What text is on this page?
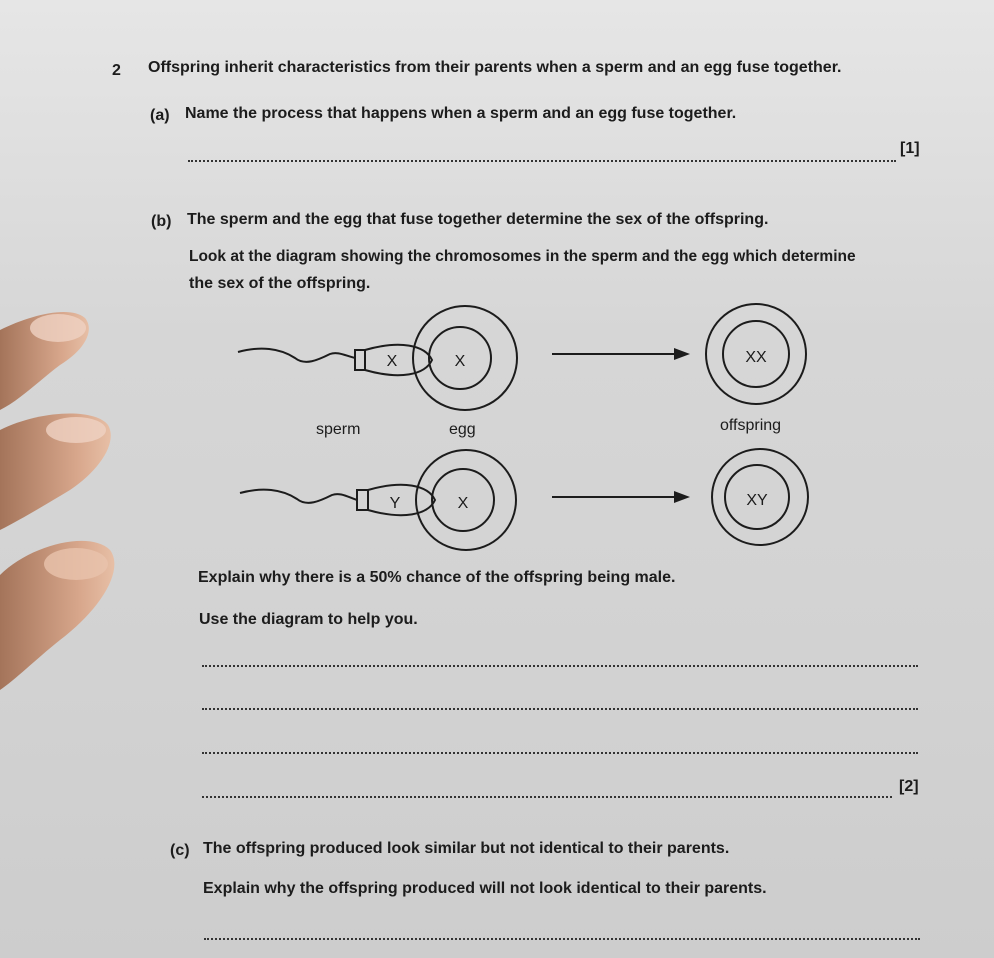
2 Offspring inherit characteristics from their parents when a sperm and an egg fuse together.
(a) Name the process that happens when a sperm and an egg fuse together.
[1]
(b) The sperm and the egg that fuse together determine the sex of the offspring.
Look at the diagram showing the chromosomes in the sperm and the egg which determine
the sex of the offspring.
X	X	XX
Y	X	XY
sperm	egg	offspring
Explain why there is a 50% chance of the offspring being male.
Use the diagram to help you.
[2]
(c) The offspring produced look similar but not identical to their parents.
Explain why the offspring produced will not look identical to their parents.
